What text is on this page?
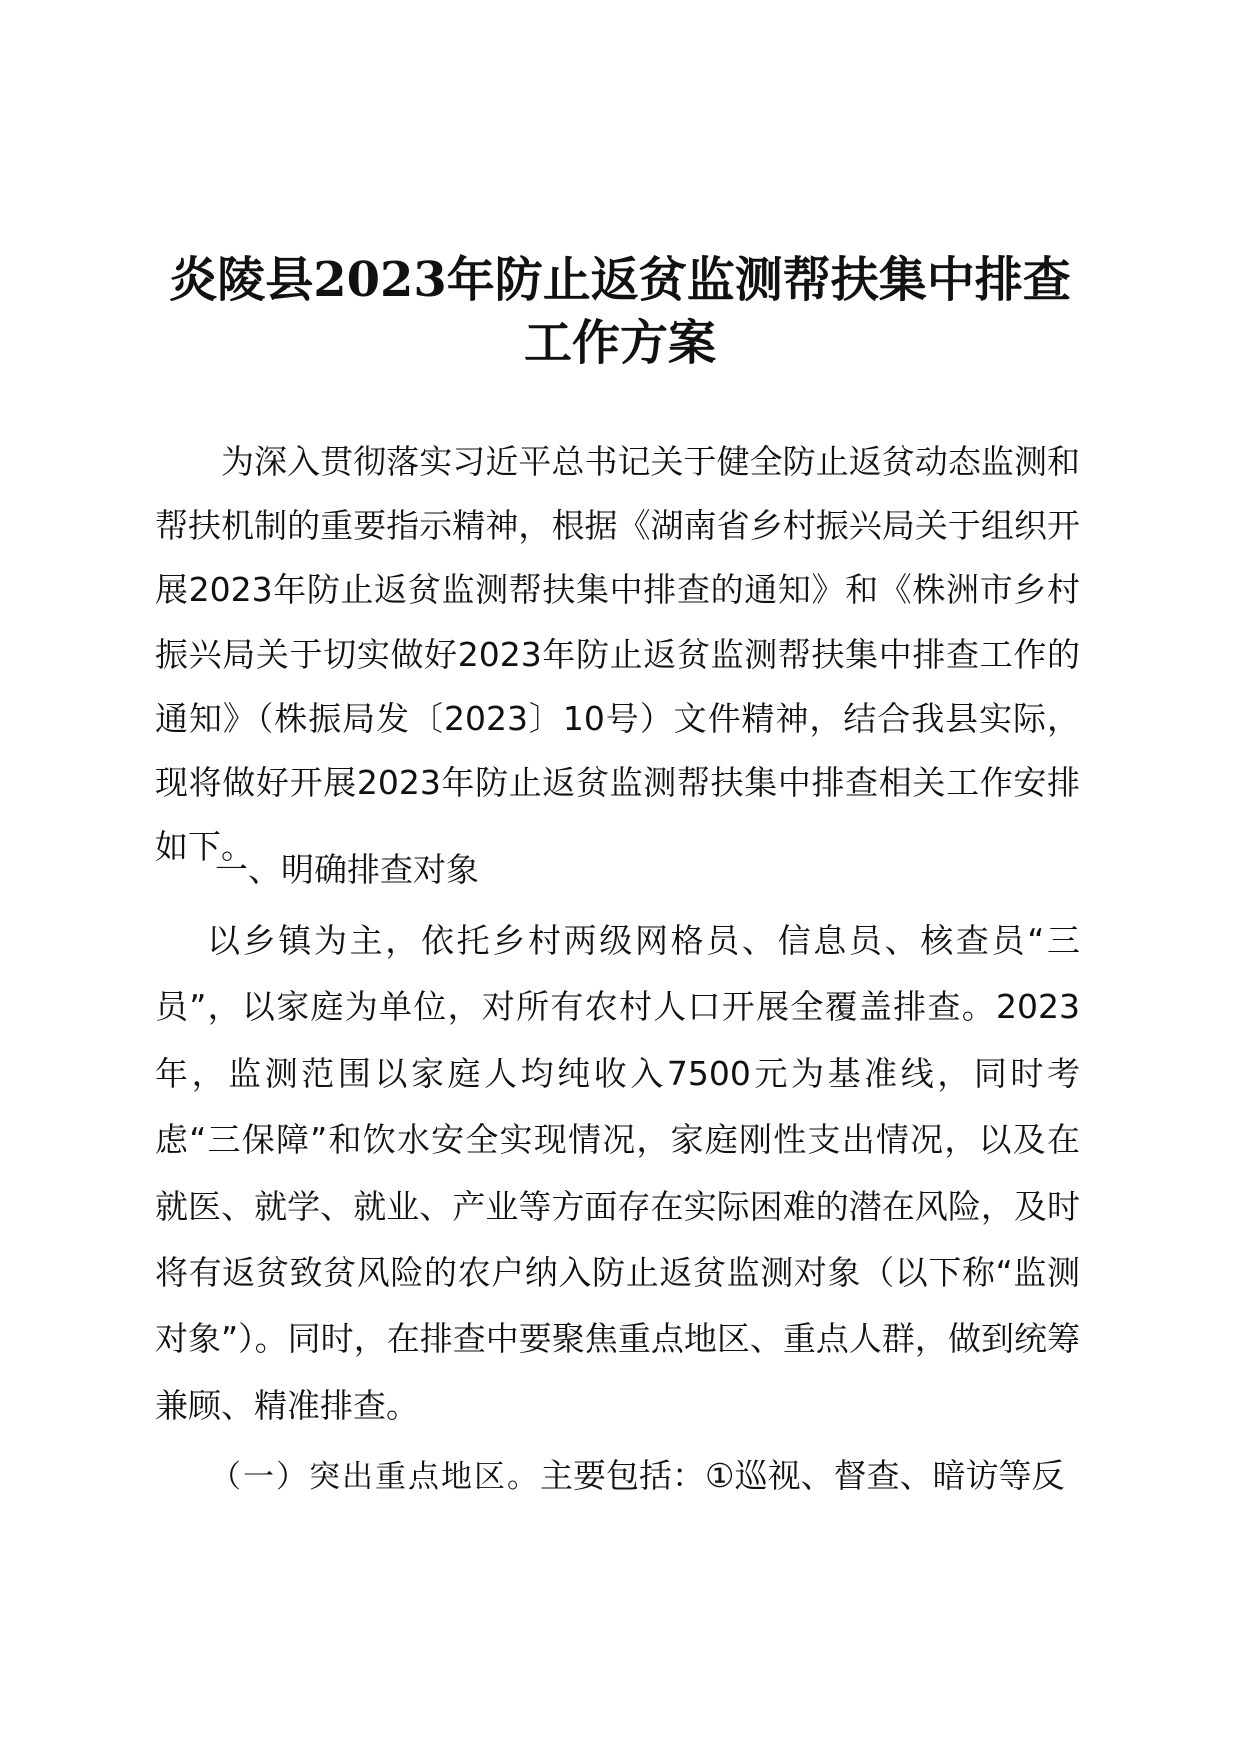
炎陵县2023年防止返贫监测帮扶集中排查
工作方案
为深入贯彻落实习近平总书记关于健全防止返贫动态监测和帮扶机制的重要指示精神，根据《湖南省乡村振兴局关于组织开展2023年防止返贫监测帮扶集中排查的通知》和《株洲市乡村振兴局关于切实做好2023年防止返贫监测帮扶集中排查工作的通知》（株振局发〔2023〕10号）文件精神，结合我县实际，现将做好开展2023年防止返贫监测帮扶集中排查相关工作安排如下。
一、明确排查对象
以乡镇为主，依托乡村两级网格员、信息员、核查员“三员”，以家庭为单位，对所有农村人口开展全覆盖排查。2023年，监测范围以家庭人均纯收入7500元为基准线，同时考虑“三保障”和饮水安全实现情况，家庭刚性支出情况，以及在就医、就学、就业、产业等方面存在实际困难的潜在风险，及时将有返贫致贫风险的农户纳入防止返贫监测对象（以下称“监测对象”）。同时，在排查中要聚焦重点地区、重点人群，做到统筹兼顾、精准排查。
（一）突出重点地区。主要包括：①巡视、督查、暗访等反
